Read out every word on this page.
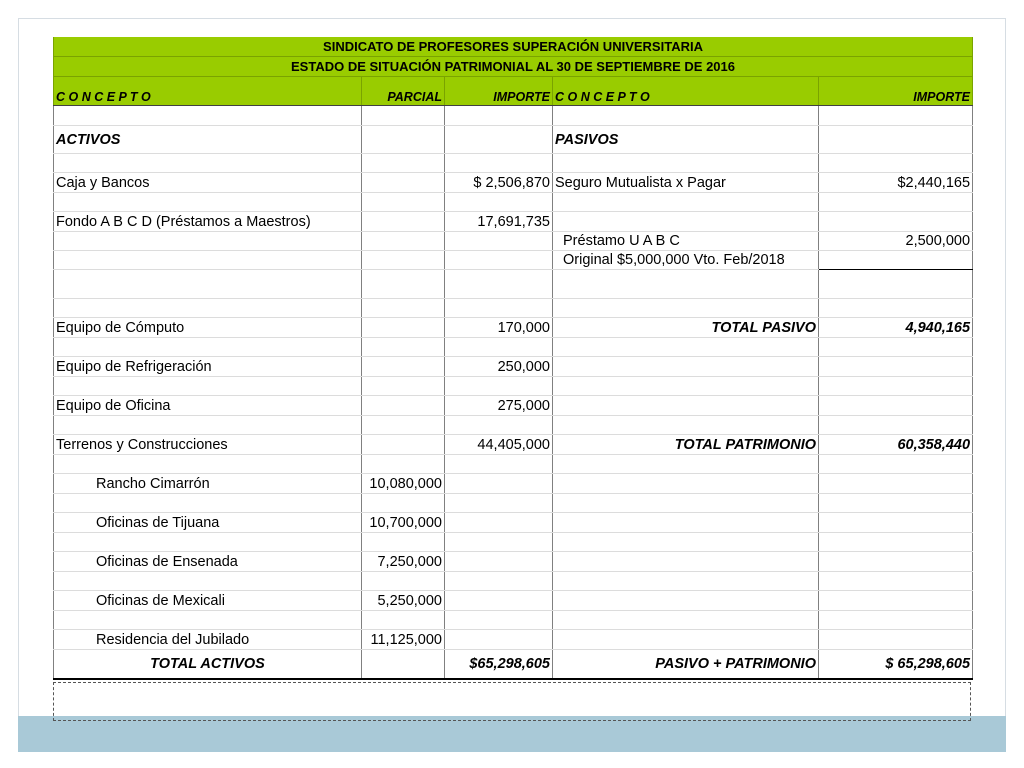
SINDICATO DE PROFESORES SUPERACIÓN UNIVERSITARIA				
ESTADO DE SITUACIÓN PATRIMONIAL AL 30 DE SEPTIEMBRE DE 2016				
C O N C E P T O	PARCIAL	IMPORTE	C O N C E P T O	IMPORTE

ACTIVOS			PASIVOS	

Caja y Bancos		$ 2,506,870	Seguro Mutualista x Pagar	$2,440,165

Fondo A B C D (Préstamos a Maestros)		17,691,735		
			Préstamo U A B C	2,500,000
			Original $5,000,000 Vto. Feb/2018	

Equipo de Cómputo		170,000	TOTAL PASIVO	4,940,165

Equipo de Refrigeración		250,000		

Equipo de Oficina		275,000		

Terrenos y Construcciones		44,405,000	TOTAL PATRIMONIO	60,358,440

Rancho Cimarrón	10,080,000			

Oficinas de Tijuana	10,700,000			

Oficinas de Ensenada	7,250,000			

Oficinas de Mexicali	5,250,000			

Residencia del Jubilado	11,125,000			
TOTAL ACTIVOS		$65,298,605	PASIVO + PATRIMONIO	$ 65,298,605
